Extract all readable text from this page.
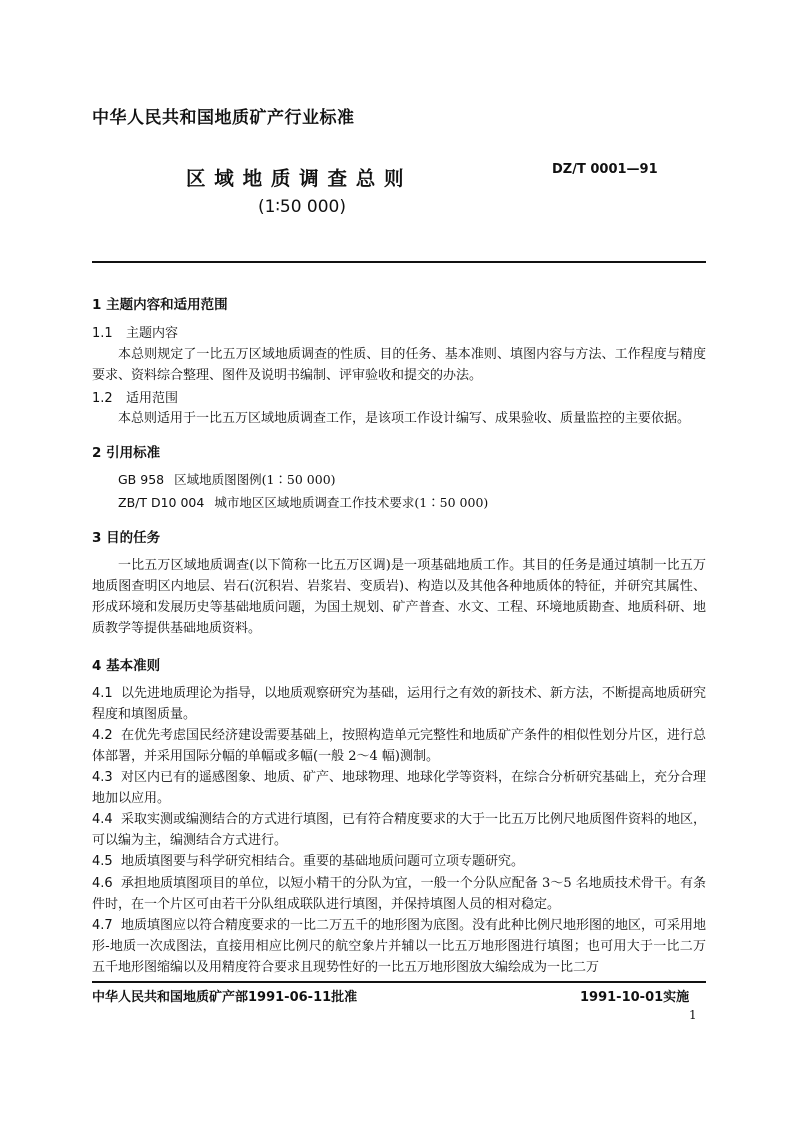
中华人民共和国地质矿产行业标准
区 域 地 质 调 查 总 则	DZ/T 0001—91
(1∶50 000)

1 主题内容和适用范围

1.1 主题内容

本总则规定了一比五万区域地质调查的性质、目的任务、基本准则、填图内容与方法、工作程度与精度要求、资料综合整理、图件及说明书编制、评审验收和提交的办法。

1.2 适用范围

本总则适用于一比五万区域地质调查工作，是该项工作设计编写、成果验收、质量监控的主要依据。

2 引用标准

GB 958 区域地质图图例(1∶50 000)

ZB/T D10 004 城市地区区域地质调查工作技术要求(1∶50 000)

3 目的任务

一比五万区域地质调查(以下简称一比五万区调)是一项基础地质工作。其目的任务是通过填制一比五万地质图查明区内地层、岩石(沉积岩、岩浆岩、变质岩)、构造以及其他各种地质体的特征，并研究其属性、形成环境和发展历史等基础地质问题，为国土规划、矿产普查、水文、工程、环境地质勘查、地质科研、地质教学等提供基础地质资料。

4 基本准则

4.1 以先进地质理论为指导，以地质观察研究为基础，运用行之有效的新技术、新方法，不断提高地质研究程度和填图质量。

4.2 在优先考虑国民经济建设需要基础上，按照构造单元完整性和地质矿产条件的相似性划分片区，进行总体部署，并采用国际分幅的单幅或多幅(一般 2～4 幅)测制。

4.3 对区内已有的遥感图象、地质、矿产、地球物理、地球化学等资料，在综合分析研究基础上，充分合理地加以应用。

4.4 采取实测或编测结合的方式进行填图，已有符合精度要求的大于一比五万比例尺地质图件资料的地区，可以编为主，编测结合方式进行。

4.5 地质填图要与科学研究相结合。重要的基础地质问题可立项专题研究。

4.6 承担地质填图项目的单位，以短小精干的分队为宜，一般一个分队应配备 3～5 名地质技术骨干。有条件时，在一个片区可由若干分队组成联队进行填图，并保持填图人员的相对稳定。

4.7 地质填图应以符合精度要求的一比二万五千的地形图为底图。没有此种比例尺地形图的地区，可采用地形-地质一次成图法，直接用相应比例尺的航空象片并辅以一比五万地形图进行填图；也可用大于一比二万五千地形图缩编以及用精度符合要求且现势性好的一比五万地形图放大编绘成为一比二万

中华人民共和国地质矿产部1991-06-11批准	1991-10-01实施
1
